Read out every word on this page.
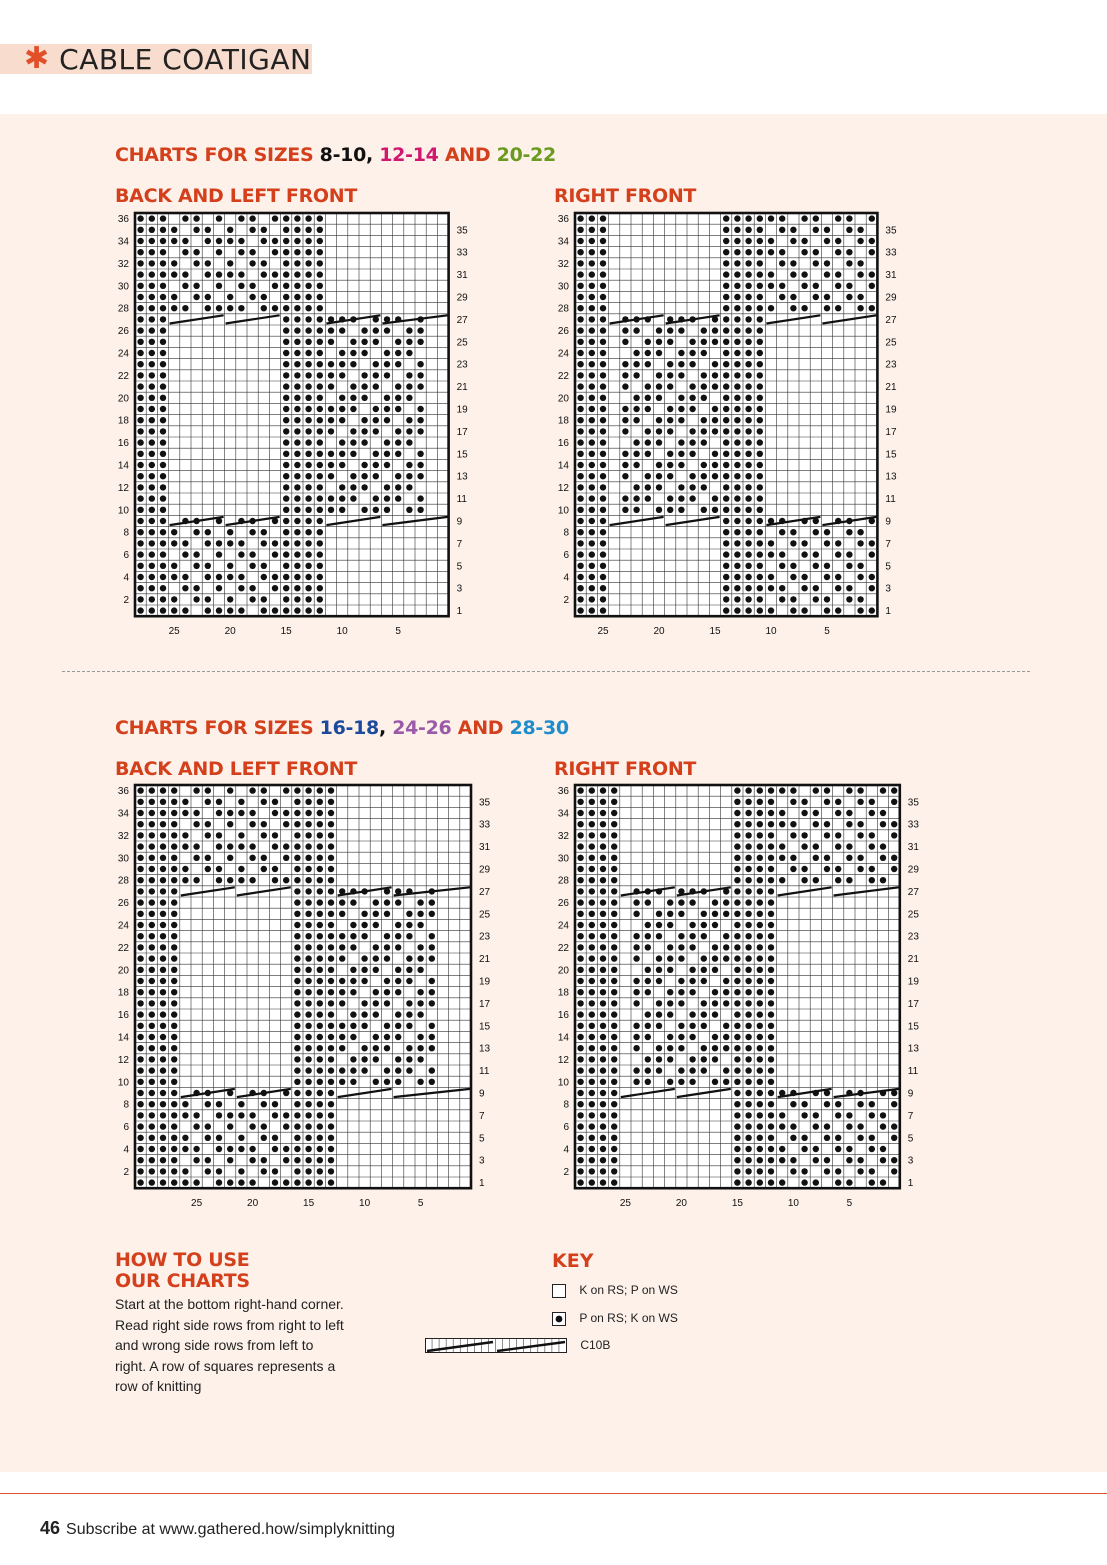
✱ CABLE COATIGAN
CHARTS FOR SIZES 8-10, 12-14 AND 20-22
BACK AND LEFT FRONT	RIGHT FRONT
36
34
32
30
28
26
24
22
20
18
16
14
12
10
8
6
4
2
35
33
31
29
27
25
23
21
19
17
15
13
11
9
7
5
3
1
25	20	15	10	5
36
34
32
30
28
26
24
22
20
18
16
14
12
10
8
6
4
2
35
33
31
29
27
25
23
21
19
17
15
13
11
9
7
5
3
1
25	20	15	10	5
CHARTS FOR SIZES 16-18, 24-26 AND 28-30
BACK AND LEFT FRONT	RIGHT FRONT
36
34
32
30
28
26
24
22
20
18
16
14
12
10
8
6
4
2
35
33
31
29
27
25
23
21
19
17
15
13
11
9
7
5
3
1
25	20	15	10	5
36
34
32
30
28
26
24
22
20
18
16
14
12
10
8
6
4
2
35
33
31
29
27
25
23
21
19
17
15
13
11
9
7
5
3
1
25	20	15	10	5
HOW TO USE
OUR CHARTS
Start at the bottom right-hand corner. Read right side rows from right to left and wrong side rows from left to right. A row of squares represents a row of knitting
KEY
K on RS; P on WS
P on RS; K on WS
C10B
46 Subscribe at www.gathered.how/simplyknitting
